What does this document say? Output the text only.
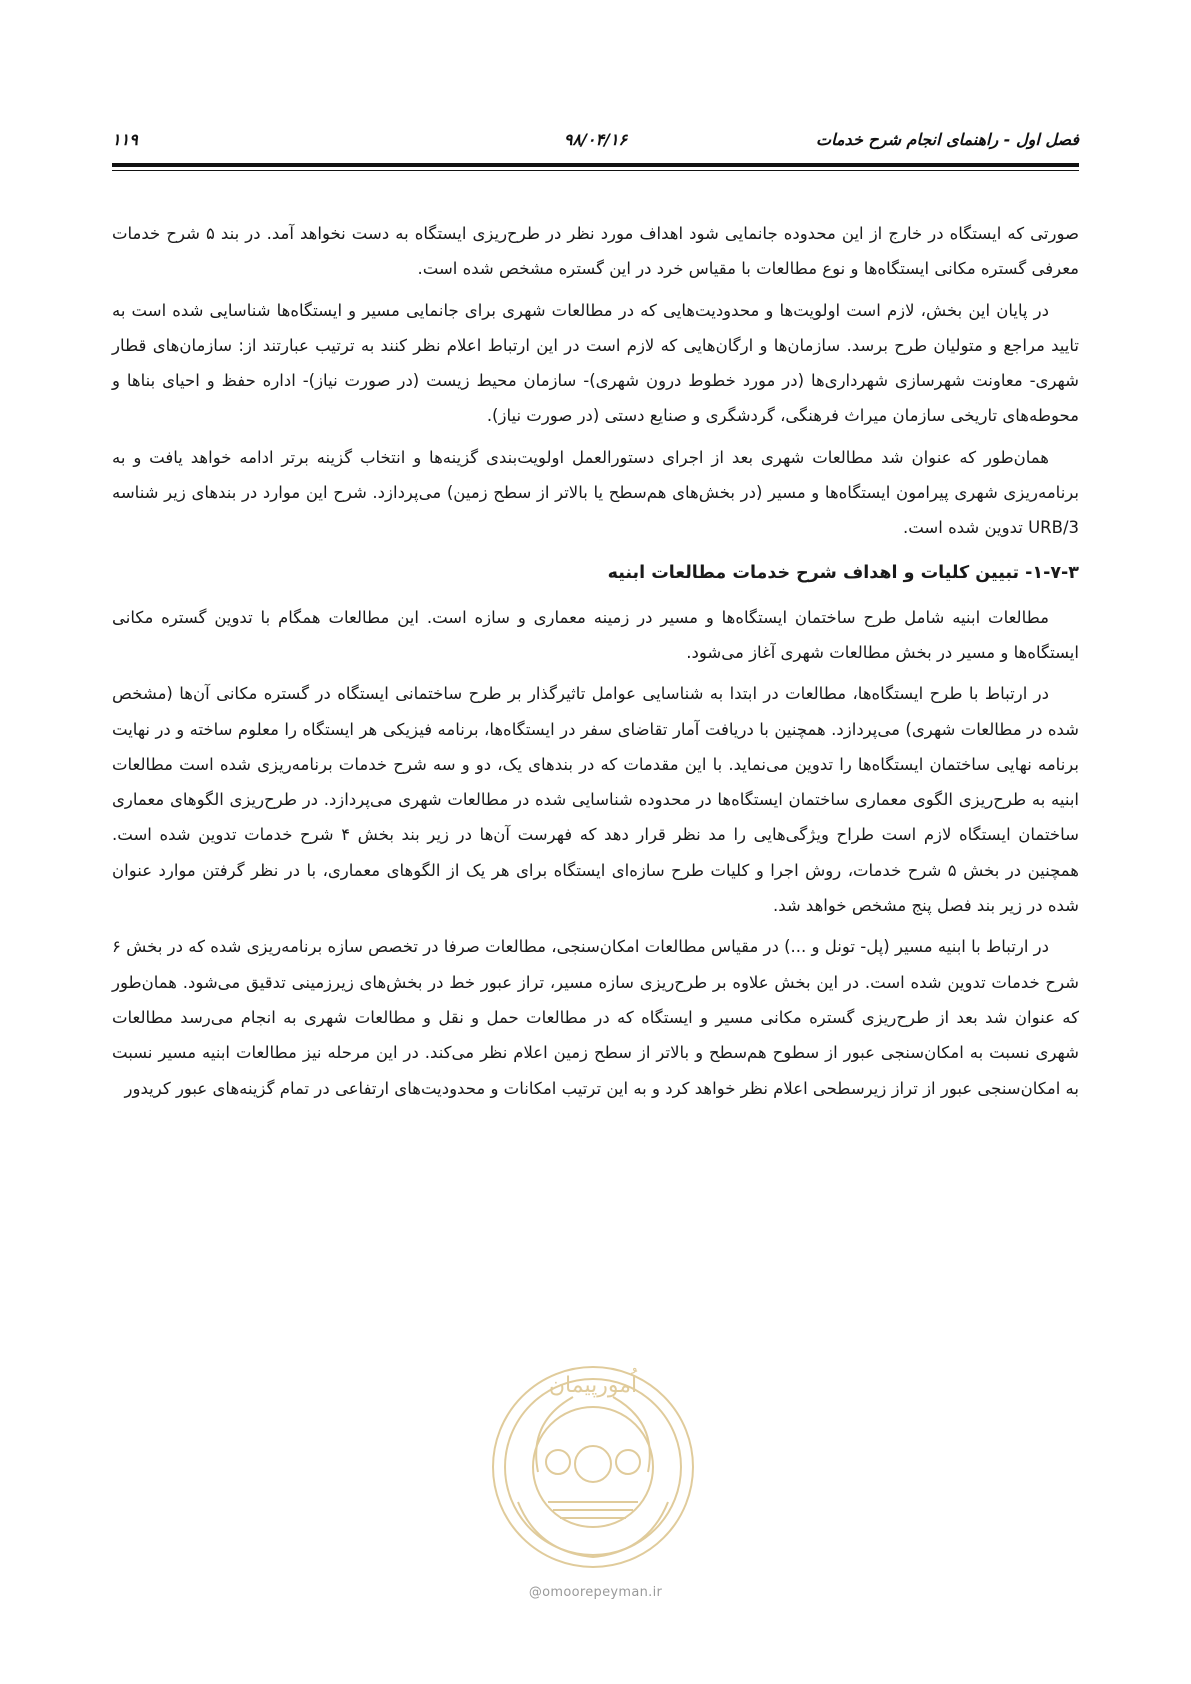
فصل اول - راهنمای انجام شرح خدمات
۹۸/۰۴/۱۶
۱۱۹

صورتی که ایستگاه در خارج از این محدوده جانمایی شود اهداف مورد نظر در طرح‌ریزی ایستگاه به دست نخواهد آمد. در بند ۵ شرح خدمات معرفی گستره مکانی ایستگاه‌ها و نوع مطالعات با مقیاس خرد در این گستره مشخص شده است.

در پایان این بخش، لازم است اولویت‌ها و محدودیت‌هایی که در مطالعات شهری برای جانمایی مسیر و ایستگاه‌ها شناسایی شده است به تایید مراجع و متولیان طرح برسد. سازمان‌ها و ارگان‌هایی که لازم است در این ارتباط اعلام نظر کنند به ترتیب عبارتند از: سازمان‌های قطار شهری- معاونت شهرسازی شهرداری‌ها (در مورد خطوط درون شهری)- سازمان محیط زیست (در صورت نیاز)- اداره حفظ و احیای بناها و محوطه‌های تاریخی سازمان میراث فرهنگی، گردشگری و صنایع دستی (در صورت نیاز).

همان‌طور که عنوان شد مطالعات شهری بعد از اجرای دستورالعمل اولویت‌بندی گزینه‌ها و انتخاب گزینه برتر ادامه خواهد یافت و به برنامه‌ریزی شهری پیرامون ایستگاه‌ها و مسیر (در بخش‌های هم‌سطح یا بالاتر از سطح زمین) می‌پردازد. شرح این موارد در بندهای زیر شناسه URB/3 تدوین شده است.

۱-۷-۳- تبیین کلیات و اهداف شرح خدمات مطالعات ابنیه

مطالعات ابنیه شامل طرح ساختمان ایستگاه‌ها و مسیر در زمینه معماری و سازه است. این مطالعات همگام با تدوین گستره مکانی ایستگاه‌ها و مسیر در بخش مطالعات شهری آغاز می‌شود.

در ارتباط با طرح ایستگاه‌ها، مطالعات در ابتدا به شناسایی عوامل تاثیرگذار بر طرح ساختمانی ایستگاه در گستره مکانی آن‌ها (مشخص شده در مطالعات شهری) می‌پردازد. همچنین با دریافت آمار تقاضای سفر در ایستگاه‌ها، برنامه فیزیکی هر ایستگاه را معلوم ساخته و در نهایت برنامه نهایی ساختمان ایستگاه‌ها را تدوین می‌نماید. با این مقدمات که در بندهای یک، دو و سه شرح خدمات برنامه‌ریزی شده است مطالعات ابنیه به طرح‌ریزی الگوی معماری ساختمان ایستگاه‌ها در محدوده شناسایی شده در مطالعات شهری می‌پردازد. در طرح‌ریزی الگوهای معماری ساختمان ایستگاه لازم است طراح ویژگی‌هایی را مد نظر قرار دهد که فهرست آن‌ها در زیر بند بخش ۴ شرح خدمات تدوین شده است. همچنین در بخش ۵ شرح خدمات، روش اجرا و کلیات طرح سازه‌ای ایستگاه برای هر یک از الگوهای معماری، با در نظر گرفتن موارد عنوان شده در زیر بند فصل پنج مشخص خواهد شد.

در ارتباط با ابنیه مسیر (پل- تونل و ...) در مقیاس مطالعات امکان‌سنجی، مطالعات صرفا در تخصص سازه برنامه‌ریزی شده که در بخش ۶ شرح خدمات تدوین شده است. در این بخش علاوه بر طرح‌ریزی سازه مسیر، تراز عبور خط در بخش‌های زیرزمینی تدقیق می‌شود. همان‌طور که عنوان شد بعد از طرح‌ریزی گستره مکانی مسیر و ایستگاه که در مطالعات حمل و نقل و مطالعات شهری به انجام می‌رسد مطالعات شهری نسبت به امکان‌سنجی عبور از سطوح هم‌سطح و بالاتر از سطح زمین اعلام نظر می‌کند. در این مرحله نیز مطالعات ابنیه مسیر نسبت به امکان‌سنجی عبور از تراز زیرسطحی اعلام نظر خواهد کرد و به این ترتیب امکانات و محدودیت‌های ارتفاعی در تمام گزینه‌های عبور کریدور

اُمورپیمان
@omoorepeyman.ir
